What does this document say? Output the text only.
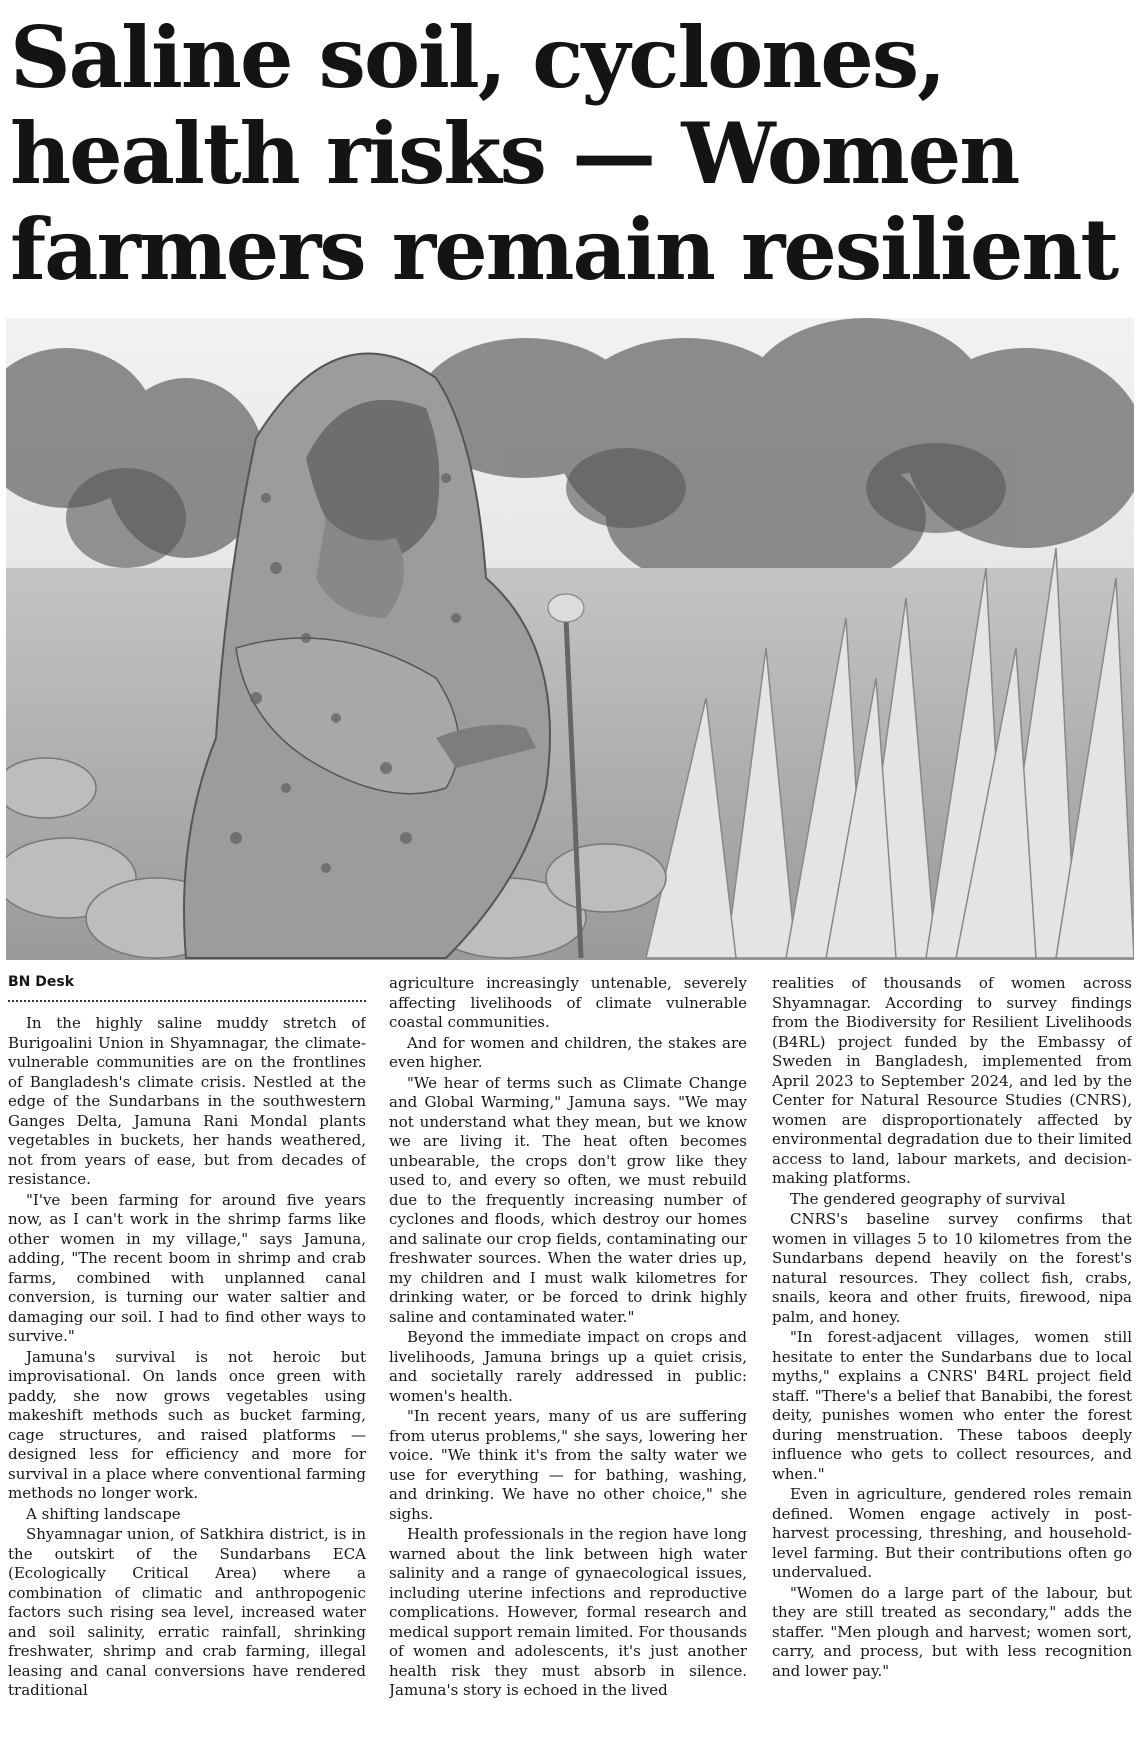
Saline soil, cyclones,
health risks — Women
farmers remain resilient
BN Desk

In the highly saline muddy stretch of Burigoalini Union in Shyamnagar, the climate-vulnerable communities are on the frontlines of Bangladesh's climate crisis. Nestled at the edge of the Sundarbans in the southwestern Ganges Delta, Jamuna Rani Mondal plants vegetables in buckets, her hands weathered, not from years of ease, but from decades of resistance.

"I've been farming for around five years now, as I can't work in the shrimp farms like other women in my village," says Jamuna, adding, "The recent boom in shrimp and crab farms, combined with unplanned canal conversion, is turning our water saltier and damaging our soil. I had to find other ways to survive."

Jamuna's survival is not heroic but improvisational. On lands once green with paddy, she now grows vegetables using makeshift methods such as bucket farming, cage structures, and raised platforms — designed less for efficiency and more for survival in a place where conventional farming methods no longer work.

A shifting landscape

Shyamnagar union, of Satkhira district, is in the outskirt of the Sundarbans ECA (Ecologically Critical Area) where a combination of climatic and anthropogenic factors such rising sea level, increased water and soil salinity, erratic rainfall, shrinking freshwater, shrimp and crab farming, illegal leasing and canal conversions have rendered traditional

agriculture increasingly untenable, severely affecting livelihoods of climate vulnerable coastal communities.

And for women and children, the stakes are even higher.

"We hear of terms such as Climate Change and Global Warming," Jamuna says. "We may not understand what they mean, but we know we are living it. The heat often becomes unbearable, the crops don't grow like they used to, and every so often, we must rebuild due to the frequently increasing number of cyclones and floods, which destroy our homes and salinate our crop fields, contaminating our freshwater sources. When the water dries up, my children and I must walk kilometres for drinking water, or be forced to drink highly saline and contaminated water."

Beyond the immediate impact on crops and livelihoods, Jamuna brings up a quiet crisis, and societally rarely addressed in public: women's health.

"In recent years, many of us are suffering from uterus problems," she says, lowering her voice. "We think it's from the salty water we use for everything — for bathing, washing, and drinking. We have no other choice," she sighs.

Health professionals in the region have long warned about the link between high water salinity and a range of gynaecological issues, including uterine infections and reproductive complications. However, formal research and medical support remain limited. For thousands of women and adolescents, it's just another health risk they must absorb in silence. Jamuna's story is echoed in the lived

realities of thousands of women across Shyamnagar. According to survey findings from the Biodiversity for Resilient Livelihoods (B4RL) project funded by the Embassy of Sweden in Bangladesh, implemented from April 2023 to September 2024, and led by the Center for Natural Resource Studies (CNRS), women are disproportionately affected by environmental degradation due to their limited access to land, labour markets, and decision-making platforms.

The gendered geography of survival

CNRS's baseline survey confirms that women in villages 5 to 10 kilometres from the Sundarbans depend heavily on the forest's natural resources. They collect fish, crabs, snails, keora and other fruits, firewood, nipa palm, and honey.

"In forest-adjacent villages, women still hesitate to enter the Sundarbans due to local myths," explains a CNRS' B4RL project field staff. "There's a belief that Banabibi, the forest deity, punishes women who enter the forest during menstruation. These taboos deeply influence who gets to collect resources, and when."

Even in agriculture, gendered roles remain defined. Women engage actively in post-harvest processing, threshing, and household-level farming. But their contributions often go undervalued.

"Women do a large part of the labour, but they are still treated as secondary," adds the staffer. "Men plough and harvest; women sort, carry, and process, but with less recognition and lower pay."
